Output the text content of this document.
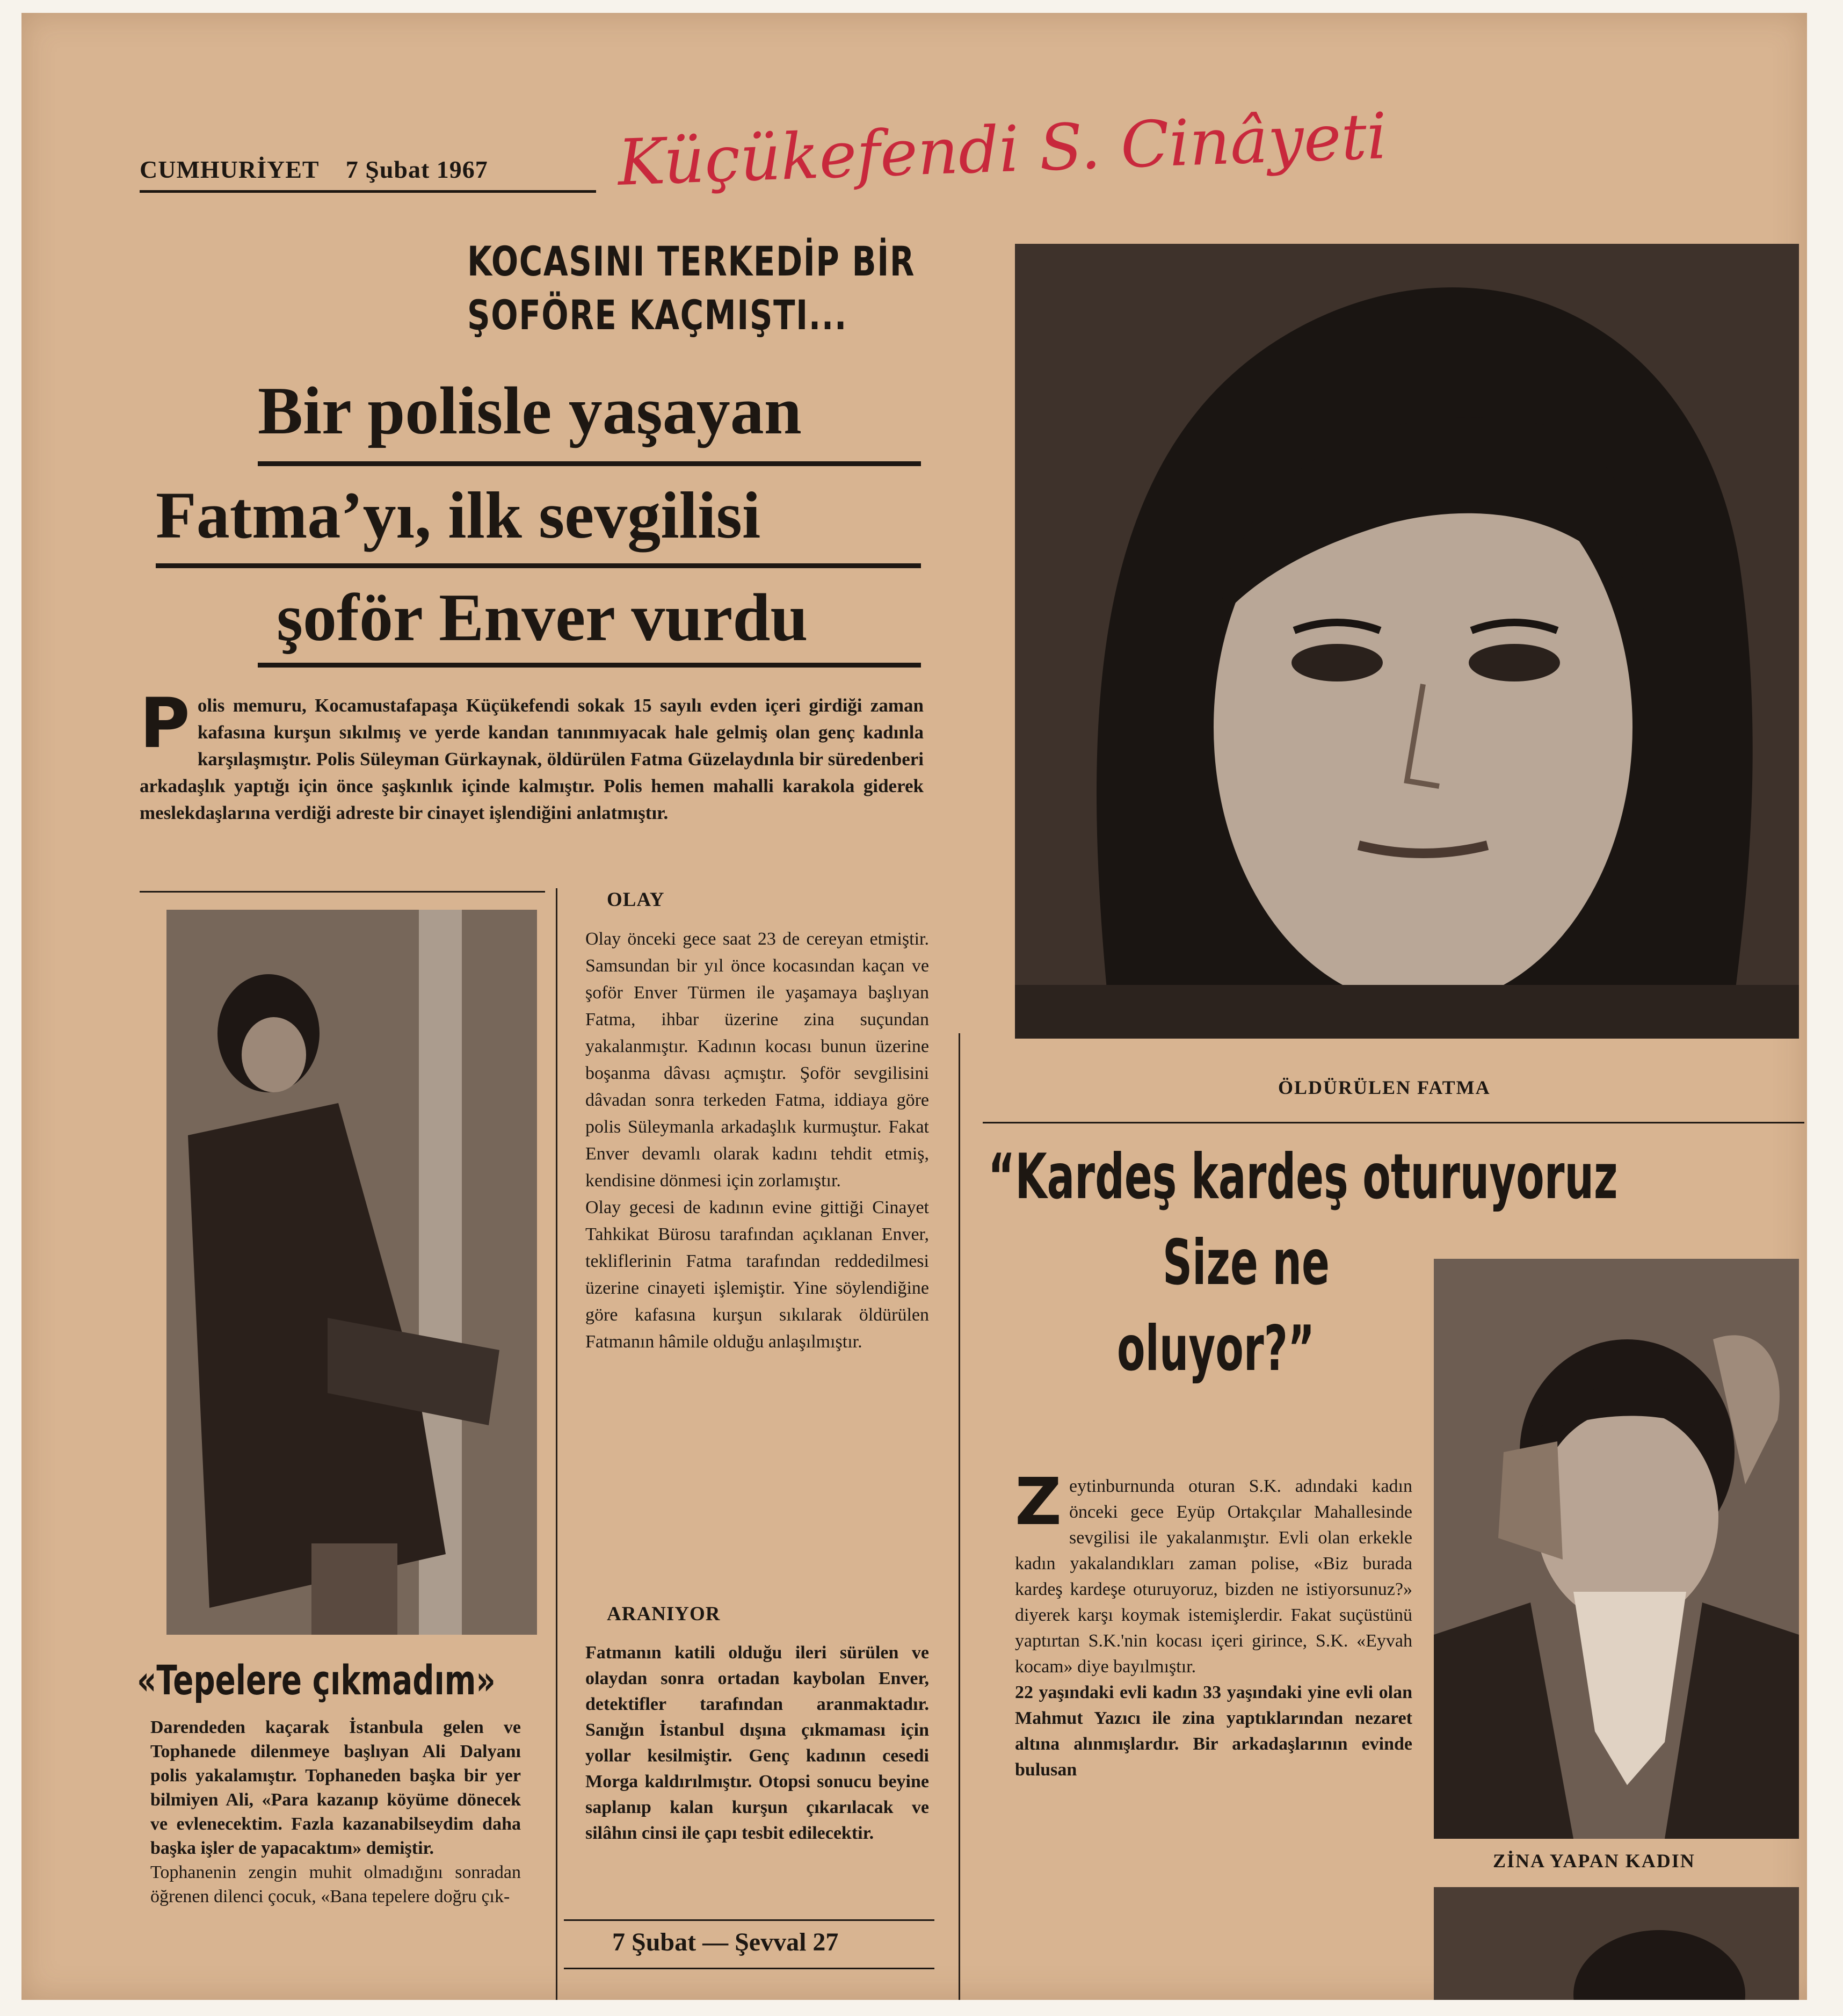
CUMHURİYET 7 Şubat 1967 Küçükefendi S. Cinâyeti
KOCASINI TERKEDİP BİR
ŞOFÖRE KAÇMIŞTI...
Bir polisle yaşayan
Fatma’yı, ilk sevgilisi
şoför Enver vurdu
Polis memuru, Kocamustafapaşa Küçükefendi sokak 15 sayılı evden içeri girdiği zaman kafasına kurşun sıkılmış ve yerde kandan tanınmıyacak hale gelmiş olan genç kadınla karşılaşmıştır. Polis Süleyman Gürkaynak, öldürülen Fatma Güzelaydınla bir süredenberi arkadaşlık yaptığı için önce şaşkınlık içinde kalmıştır. Polis hemen mahalli karakola giderek meslekdaşlarına verdiği adreste bir cinayet işlendiğini anlatmıştır.
«Tepelere çıkmadım»
Darendeden kaçarak İstanbula gelen ve Tophanede dilenmeye başlıyan Ali Dalyanı polis yakalamıştır. Tophaneden başka bir yer bilmiyen Ali, «Para kazanıp köyüme dönecek ve evlenecektim. Fazla kazanabilseydim daha başka işler de yapacaktım» demiştir.
Tophanenin zengin muhit olmadığını sonradan öğrenen dilenci çocuk, «Bana tepelere doğru çık-
OLAY
Olay önceki gece saat 23 de cereyan etmiştir. Samsundan bir yıl önce kocasından kaçan ve şoför Enver Türmen ile yaşamaya başlıyan Fatma, ihbar üzerine zina suçundan yakalanmıştır. Kadının kocası bunun üzerine boşanma dâvası açmıştır. Şoför sevgilisini dâvadan sonra terkeden Fatma, iddiaya göre polis Süleymanla arkadaşlık kurmuştur. Fakat Enver devamlı olarak kadını tehdit etmiş, kendisine dönmesi için zorlamıştır.
Olay gecesi de kadının evine gittiği Cinayet Tahkikat Bürosu tarafından açıklanan Enver, tekliflerinin Fatma tarafından reddedilmesi üzerine cinayeti işlemiştir. Yine söylendiğine göre kafasına kurşun sıkılarak öldürülen Fatmanın hâmile olduğu anlaşılmıştır.
ARANIYOR
Fatmanın katili olduğu ileri sürülen ve olaydan sonra ortadan kaybolan Enver, detektifler tarafından aranmaktadır. Sanığın İstanbul dışına çıkmaması için yollar kesilmiştir. Genç kadının cesedi Morga kaldırılmıştır. Otopsi sonucu beyine saplanıp kalan kurşun çıkarılacak ve silâhın cinsi ile çapı tesbit edilecektir.
7 Şubat — Şevval 27
ÖLDÜRÜLEN FATMA
“Kardeş kardeş oturuyoruz
Size ne
oluyor?”
ZİNA YAPAN KADIN
Zeytinburnunda oturan S.K. adındaki kadın önceki gece Eyüp Ortakçılar Mahallesinde sevgilisi ile yakalanmıştır. Evli olan erkekle kadın yakalandıkları zaman polise, «Biz burada kardeş kardeşe oturuyoruz, bizden ne istiyorsunuz?» diyerek karşı koymak istemişlerdir. Fakat suçüstünü yaptırtan S.K.'nin kocası içeri girince, S.K. «Eyvah kocam» diye bayılmıştır.
22 yaşındaki evli kadın 33 yaşındaki yine evli olan Mahmut Yazıcı ile zina yaptıklarından nezaret altına alınmışlardır. Bir arkadaşlarının evinde bulusan
